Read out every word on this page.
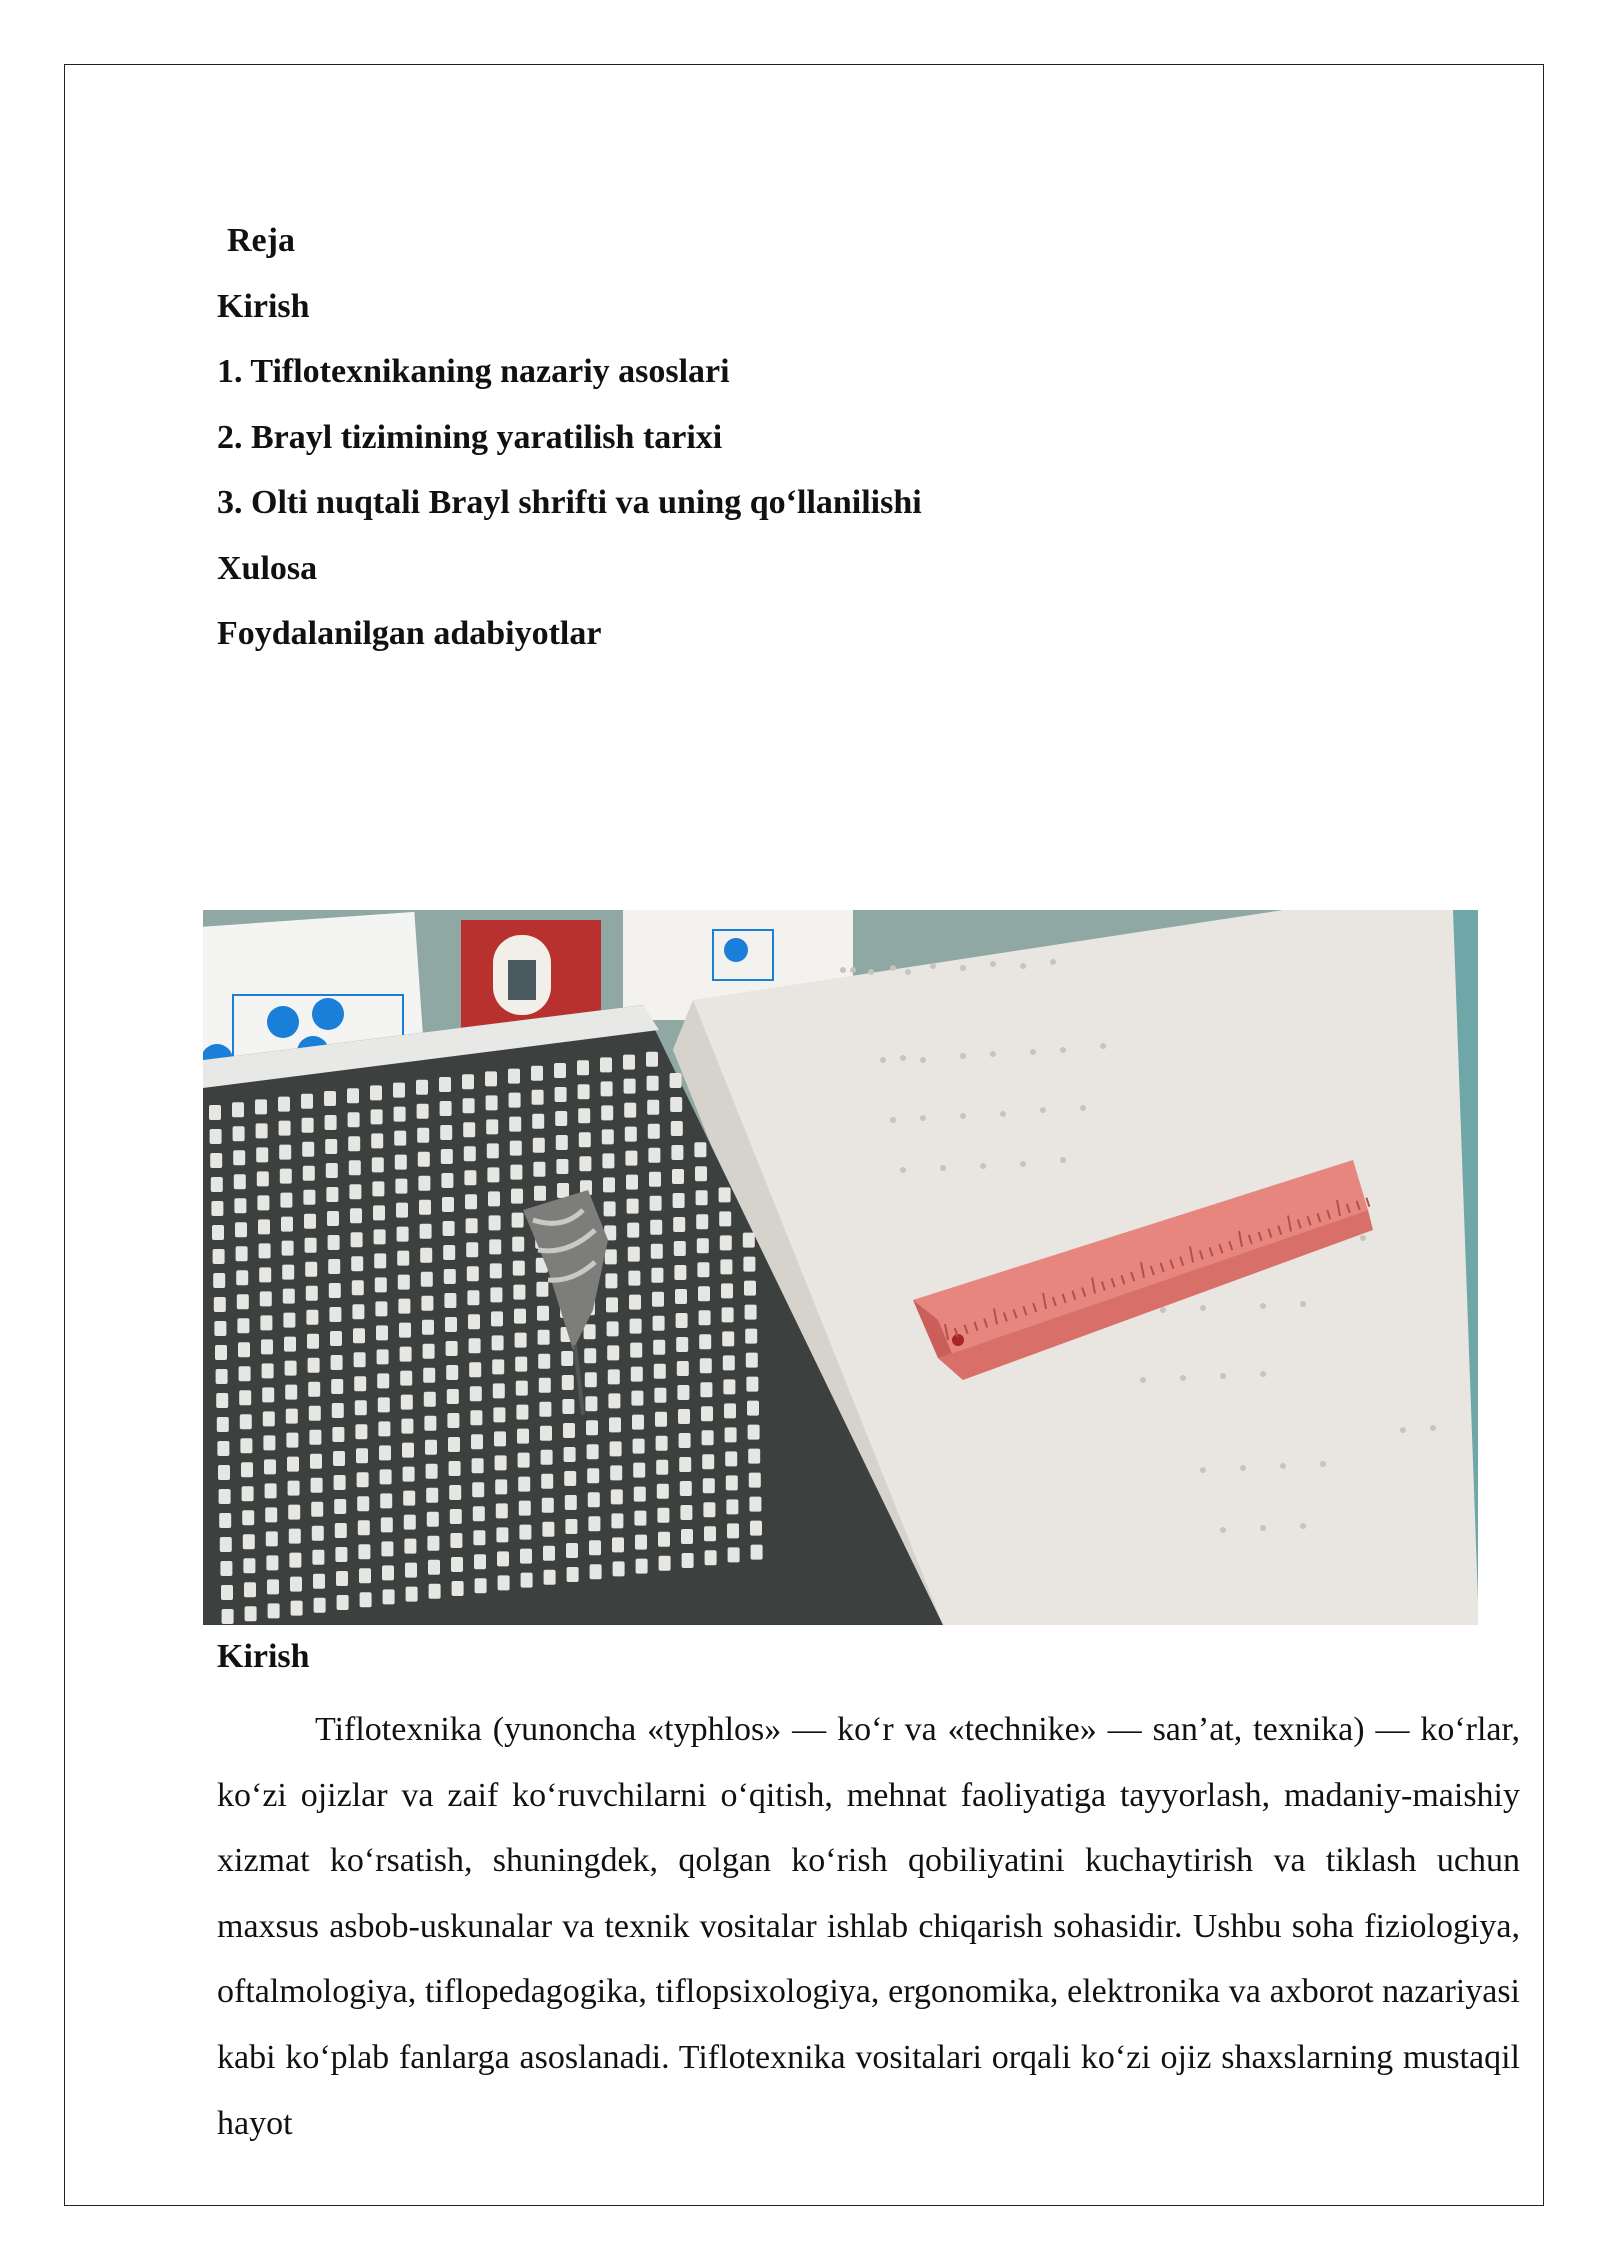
Reja
Kirish
1. Tiflotexnikaning nazariy asoslari
2. Brayl tizimining yaratilish tarixi
3. Olti nuqtali Brayl shrifti va uning qo‘llanilishi
Xulosa
Foydalanilgan adabiyotlar
Kirish

Tiflotexnika (yunoncha «typhlos» — ko‘r va «technike» — san’at, texnika) — ko‘rlar, ko‘zi ojizlar va zaif ko‘ruvchilarni o‘qitish, mehnat faoliyatiga tayyorlash, madaniy-maishiy xizmat ko‘rsatish, shuningdek, qolgan ko‘rish qobiliyatini kuchaytirish va tiklash uchun maxsus asbob-uskunalar va texnik vositalar ishlab chiqarish sohasidir. Ushbu soha fiziologiya, oftalmologiya, tiflopedagogika, tiflopsixologiya, ergonomika, elektronika va axborot nazariyasi kabi ko‘plab fanlarga asoslanadi. Tiflotexnika vositalari orqali ko‘zi ojiz shaxslarning mustaqil hayot
